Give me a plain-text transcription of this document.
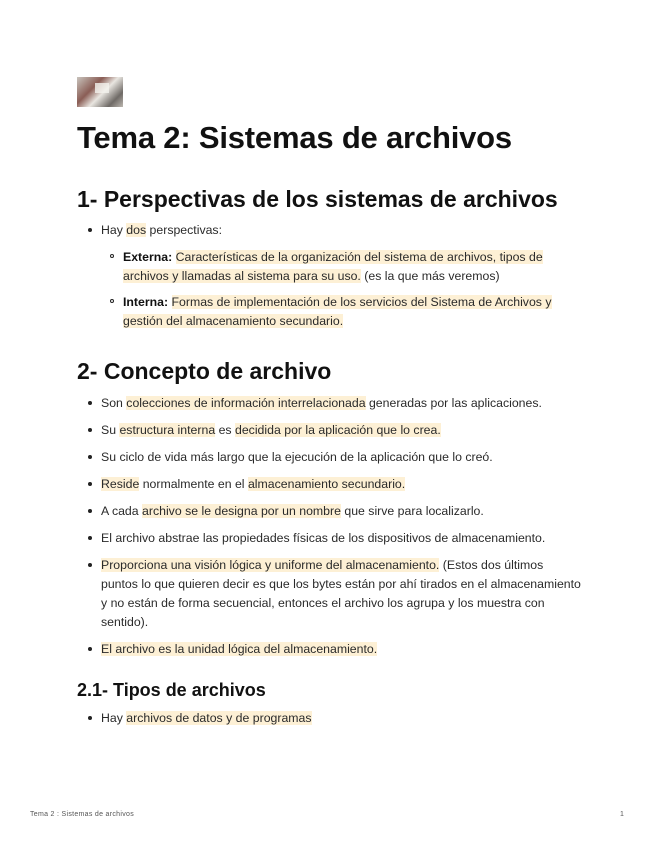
Tema 2: Sistemas de archivos
1- Perspectivas de los sistemas de archivos
Hay dos perspectivas:
Externa: Características de la organización del sistema de archivos, tipos de archivos y llamadas al sistema para su uso. (es la que más veremos)
Interna: Formas de implementación de los servicios del Sistema de Archivos y gestión del almacenamiento secundario.
2- Concepto de archivo
Son colecciones de información interrelacionada generadas por las aplicaciones.
Su estructura interna es decidida por la aplicación que lo crea.
Su ciclo de vida más largo que la ejecución de la aplicación que lo creó.
Reside normalmente en el almacenamiento secundario.
A cada archivo se le designa por un nombre que sirve para localizarlo.
El archivo abstrae las propiedades físicas de los dispositivos de almacenamiento.
Proporciona una visión lógica y uniforme del almacenamiento. (Estos dos últimos puntos lo que quieren decir es que los bytes están por ahí tirados en el almacenamiento y no están de forma secuencial, entonces el archivo los agrupa y los muestra con sentido).
El archivo es la unidad lógica del almacenamiento.
2.1- Tipos de archivos
Hay archivos de datos y de programas
Tema 2 : Sistemas de archivos	1
